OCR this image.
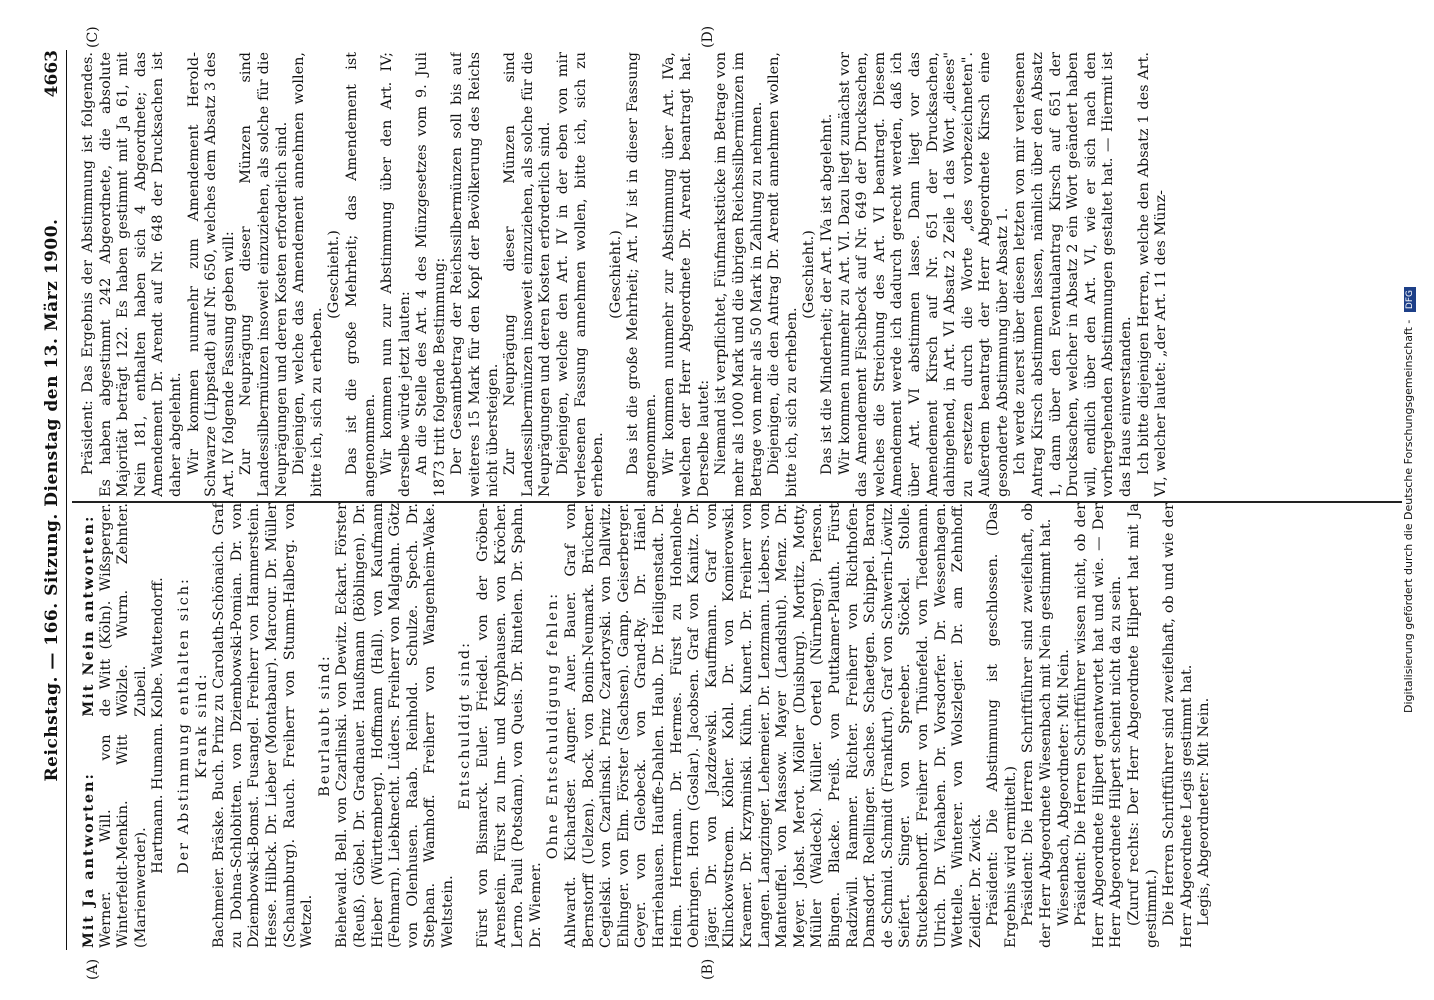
Reichstag. — 166. Sitzung. Dienstag den 13. März 1900.
4663
(A)	(B)
(C)	(D)
Mit Ja antworten:
Mit Nein antworten:
Werner. Will. von Winterfeldt-Menkin. Witt (Marienwerder).
de Witt (Köln). Wißsperger. Wölzle. Wurm. Zehnter. Zubeil. Hartmann. Humann. Kolbe. Wattendorff. Der Abstimmung enthalten sich: Krank sind: Bachmeier. Bräske. Buch. Prinz zu Carolath-Schönaich. Graf zu Dohna-Schlobitten. von Dziembowski-Pomian. Dr. von Dziembowski-Bomst. Fusangel. Freiherr von Hammerstein. Hesse. Hilbck. Dr. Lieber (Montabaur). Marcour. Dr. Müller (Schaumburg). Rauch. Freiherr von Stumm-Halberg. von Wetzel.

Beurlaubt sind: Biehewald. Bell. von Czarlinski. von Dewitz. Eckart. Förster (Reuß). Göbel. Dr. Gradnauer. Haußmann (Böblingen). Dr. Hieber (Württemberg). Hoffmann (Hall). von Kaufmann (Fehmarn). Liebknecht. Lüders. Freiherr von Malgahn. Götz von Olenhusen. Raab. Reinhold. Schulze. Spech. Dr. Stephan. Wamhoff. Freiherr von Wangenheim-Wake. Weltstein.

Entschuldigt sind: Fürst von Bismarck. Euler. Friedel. von der Gröben-Arenstein. Fürst zu Inn- und Knyphausen. von Kröcher. Lerno. Pauli (Potsdam). von Queis. Dr. Rintelen. Dr. Spahn. Dr. Wiemer.

Ohne Entschuldigung fehlen: Ahlwardt. Kichardser. Augner. Auer. Bauer. Graf von Bernstorff (Uelzen). Bock. von Bonin-Neumark. Brückner. Cegielski. von Czarlinski. Prinz Czartoryski. von Dallwitz. Ehlinger. von Elm. Förster (Sachsen). Gamp. Geiserberger. Geyer. von Gleobeck. von Grand-Ry. Dr. Hänel. Harriehausen. Hauffe-Dahlen. Haub. Dr. Heiligenstadt. Dr. Heim. Herrmann. Dr. Hermes. Fürst zu Hohenlohe-Oehringen. Horn (Goslar). Jacobsen. Graf von Kanitz. Dr. Jäger. Dr. von Jazdzewski. Kauffmann. Graf von Klinckowstroem. Köhler. Kohl. Dr. von Komierowski. Kraemer. Dr. Krzyminski. Kühn. Kunert. Dr. Freiherr von Langen. Langzinger. Lehemeier. Dr. Lenzmann. Liebers. von Manteuffel. von Massow. Mayer (Landshut). Menz. Dr. Meyer. Jobst. Merot. Möller (Duisburg). Mortitz. Motty. Müller (Waldeck). Müller. Oertel (Nürnberg). Pierson. Bingen. Blacke. Preiß. von Puttkamer-Plauth. Fürst Radziwill. Rammer. Richter. Freiherr von Richthofen-Damsdorf. Roellinger. Sachse. Schaetgen. Schippel. Baron de Schmid. Schmidt (Frankfurt). Graf von Schwerin-Löwitz. Seifert. Singer. von Spreeber. Stöckel. Stolle. Stuckebenhorff. Freiherr von Thünefeld. von Tiedemann. Ulrich. Dr. Viehaben. Dr. Vorsdorfer. Dr. Wessenhagen. Wettelle. Winterer. von Wolszlegier. Dr. am Zehnhoff. Zeidler. Dr. Zwick. Präsident: Die Abstimmung ist geschlossen. (Das Ergebnis wird ermittelt.) Präsident: Die Herren Schriftführer sind zweifelhaft, ob der Herr Abgeordnete Wiesenbach mit Nein gestimmt hat. Wiesenbach, Abgeordneter: Mit Nein. Präsident: Die Herren Schriftführer wissen nicht, ob der Herr Abgeordnete Hilpert geantwortet hat und wie. — Der Herr Abgeordnete Hilpert scheint nicht da zu sein. (Zuruf rechts: Der Herr Abgeordnete Hilpert hat mit Ja gestimmt.) Die Herren Schriftführer sind zweifelhaft, ob und wie der Herr Abgeordnete Legis gestimmt hat. Legis, Abgeordneter: Mit Nein.

Präsident: Das Ergebnis der Abstimmung ist folgendes. Es haben abgestimmt 242 Abgeordnete, die absolute Majorität beträgt 122. Es haben gestimmt mit Ja 61, mit Nein 181, enthalten haben sich 4 Abgeordnete; das Amendement Dr. Arendt auf Nr. 648 der Drucksachen ist daher abgelehnt. Wir kommen nunmehr zum Amendement Herold-Schwarze (Lippstadt) auf Nr. 650, welches dem Absatz 3 des Art. IV folgende Fassung geben will: Zur Neuprägung dieser Münzen sind Landessilbermünzen insoweit einzuziehen, als solche für die Neuprägungen und deren Kosten erforderlich sind. Diejenigen, welche das Amendement annehmen wollen, bitte ich, sich zu erheben.

(Geschieht.) Das ist die große Mehrheit; das Amendement ist angenommen. Wir kommen nun zur Abstimmung über den Art. IV; derselbe würde jetzt lauten: An die Stelle des Art. 4 des Münzgesetzes vom 9. Juli 1873 tritt folgende Bestimmung: Der Gesamtbetrag der Reichssilbermünzen soll bis auf weiteres 15 Mark für den Kopf der Bevölkerung des Reichs nicht übersteigen. Zur Neuprägung dieser Münzen sind Landessilbermünzen insoweit einzuziehen, als solche für die Neuprägungen und deren Kosten erforderlich sind. Diejenigen, welche den Art. IV in der eben von mir verlesenen Fassung annehmen wollen, bitte ich, sich zu erheben.

(Geschieht.) Das ist die große Mehrheit; Art. IV ist in dieser Fassung angenommen. Wir kommen nunmehr zur Abstimmung über Art. IVa, welchen der Herr Abgeordnete Dr. Arendt beantragt hat. Derselbe lautet: Niemand ist verpflichtet, Fünfmarkstücke im Betrage von mehr als 1000 Mark und die übrigen Reichssilbermünzen im Betrage von mehr als 50 Mark in Zahlung zu nehmen. Diejenigen, die den Antrag Dr. Arendt annehmen wollen, bitte ich, sich zu erheben.

(Geschieht.) Das ist die Minderheit; der Art. IVa ist abgelehnt. Wir kommen nunmehr zu Art. VI. Dazu liegt zunächst vor das Amendement Fischbeck auf Nr. 649 der Drucksachen, welches die Streichung des Art. VI beantragt. Diesem Amendement werde ich dadurch gerecht werden, daß ich über Art. VI abstimmen lasse. Dann liegt vor das Amendement Kirsch auf Nr. 651 der Drucksachen, dahingehend, in Art. VI Absatz 2 Zeile 1 das Wort „dieses" zu ersetzen durch die Worte „des vorbezeichneten". Außerdem beantragt der Herr Abgeordnete Kirsch eine gesonderte Abstimmung über Absatz 1. Ich werde zuerst über diesen letzten von mir verlesenen Antrag Kirsch abstimmen lassen, nämlich über den Absatz 1, dann über den Eventualantrag Kirsch auf 651 der Drucksachen, welcher in Absatz 2 ein Wort geändert haben will, endlich über den Art. VI, wie er sich nach den vorhergehenden Abstimmungen gestaltet hat. — Hiermit ist das Haus einverstanden. Ich bitte diejenigen Herren, welche den Absatz 1 des Art. VI, welcher lautet: „der Art. 11 des Münz-	Digitalisierung gefördert durch die Deutsche Forschungsgemeinschaft - DFG
